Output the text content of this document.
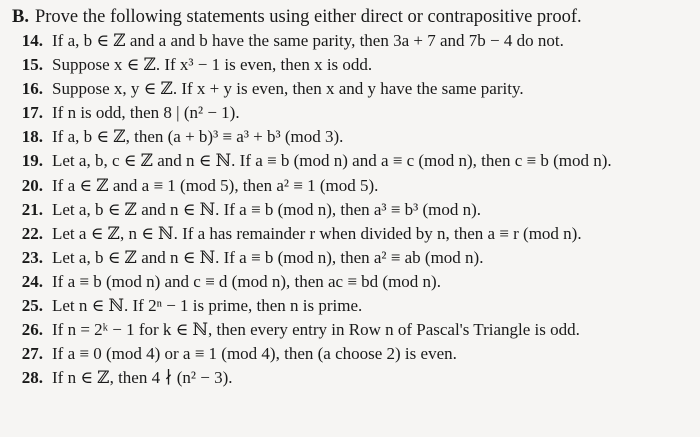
B. Prove the following statements using either direct or contrapositive proof.
14. If a, b ∈ ℤ and a and b have the same parity, then 3a + 7 and 7b − 4 do not.
15. Suppose x ∈ ℤ. If x³ − 1 is even, then x is odd.
16. Suppose x, y ∈ ℤ. If x + y is even, then x and y have the same parity.
17. If n is odd, then 8 | (n² − 1).
18. If a, b ∈ ℤ, then (a + b)³ ≡ a³ + b³ (mod 3).
19. Let a, b, c ∈ ℤ and n ∈ ℕ. If a ≡ b (mod n) and a ≡ c (mod n), then c ≡ b (mod n).
20. If a ∈ ℤ and a ≡ 1 (mod 5), then a² ≡ 1 (mod 5).
21. Let a, b ∈ ℤ and n ∈ ℕ. If a ≡ b (mod n), then a³ ≡ b³ (mod n).
22. Let a ∈ ℤ, n ∈ ℕ. If a has remainder r when divided by n, then a ≡ r (mod n).
23. Let a, b ∈ ℤ and n ∈ ℕ. If a ≡ b (mod n), then a² ≡ ab (mod n).
24. If a ≡ b (mod n) and c ≡ d (mod n), then ac ≡ bd (mod n).
25. Let n ∈ ℕ. If 2ⁿ − 1 is prime, then n is prime.
26. If n = 2ᵏ − 1 for k ∈ ℕ, then every entry in Row n of Pascal's Triangle is odd.
27. If a ≡ 0 (mod 4) or a ≡ 1 (mod 4), then (a choose 2) is even.
28. If n ∈ ℤ, then 4 ∤ (n² − 3).
